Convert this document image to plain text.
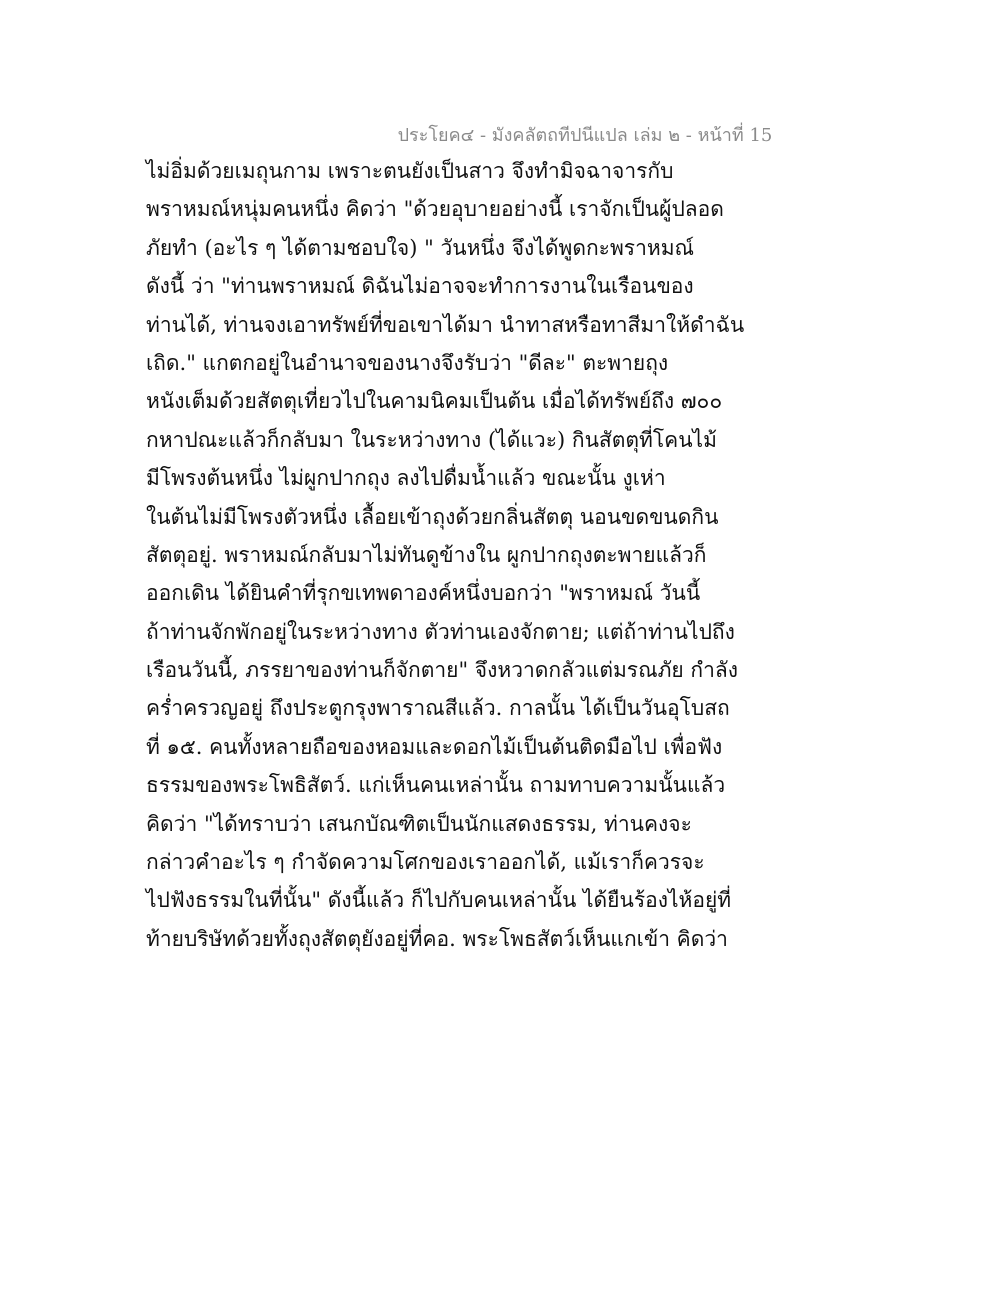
ประโยค๔ - มังคลัตถทีปนีแปล เล่ม ๒ - หน้าที่ 15
ไม่อิ่มด้วยเมถุนกาม เพราะตนยังเป็นสาว จึงทำมิจฉาจารกับ
พราหมณ์หนุ่มคนหนึ่ง คิดว่า "ด้วยอุบายอย่างนี้ เราจักเป็นผู้ปลอด
ภัยทำ (อะไร ๆ ได้ตามชอบใจ) " วันหนึ่ง จึงได้พูดกะพราหมณ์
ดังนี้ ว่า "ท่านพราหมณ์ ดิฉันไม่อาจจะทำการงานในเรือนของ
ท่านได้, ท่านจงเอาทรัพย์ที่ขอเขาได้มา นำทาสหรือทาสีมาให้ดำฉัน
เถิด." แกตกอยู่ในอำนาจของนางจึงรับว่า "ดีละ" ตะพายถุง
หนังเต็มด้วยสัตตุเที่ยวไปในคามนิคมเป็นต้น เมื่อได้ทรัพย์ถึง ๗๐๐
กหาปณะแล้วก็กลับมา ในระหว่างทาง (ได้แวะ) กินสัตตุที่โคนไม้
มีโพรงต้นหนึ่ง ไม่ผูกปากถุง ลงไปดื่มน้ำแล้ว ขณะนั้น งูเห่า
ในต้นไม่มีโพรงตัวหนึ่ง เลื้อยเข้าถุงด้วยกลิ่นสัตตุ นอนขดขนดกิน
สัตตุอยู่. พราหมณ์กลับมาไม่ทันดูข้างใน ผูกปากถุงตะพายแล้วก็
ออกเดิน ได้ยินคำที่รุกขเทพดาองค์หนึ่งบอกว่า "พราหมณ์ วันนี้
ถ้าท่านจักพักอยู่ในระหว่างทาง ตัวท่านเองจักตาย; แต่ถ้าท่านไปถึง
เรือนวันนี้, ภรรยาของท่านก็จักตาย" จึงหวาดกลัวแต่มรณภัย กำลัง
คร่ำครวญอยู่ ถึงประตูกรุงพาราณสีแล้ว. กาลนั้น ได้เป็นวันอุโบสถ
ที่ ๑๕. คนทั้งหลายถือของหอมและดอกไม้เป็นต้นติดมือไป เพื่อฟัง
ธรรมของพระโพธิสัตว์. แก่เห็นคนเหล่านั้น ถามทาบความนั้นแล้ว
คิดว่า "ได้ทราบว่า เสนกบัณฑิตเป็นนักแสดงธรรม, ท่านคงจะ
กล่าวคำอะไร ๆ กำจัดความโศกของเราออกได้, แม้เราก็ควรจะ
ไปฟังธรรมในที่นั้น" ดังนี้แล้ว ก็ไปกับคนเหล่านั้น ได้ยืนร้องไห้อยู่ที่
ท้ายบริษัทด้วยทั้งถุงสัตตุยังอยู่ที่คอ. พระโพธสัตว์เห็นแกเข้า คิดว่า
